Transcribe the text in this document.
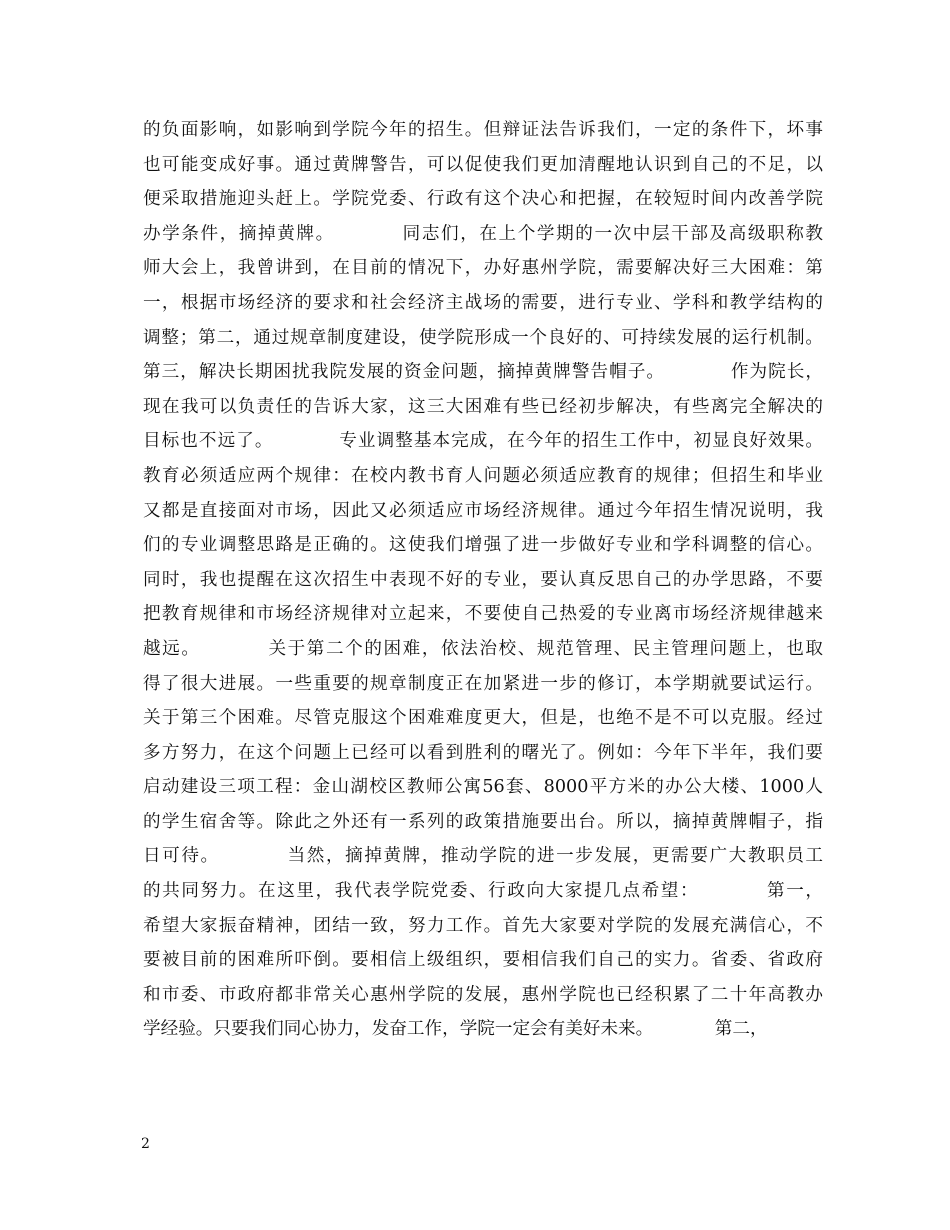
的负面影响，如影响到学院今年的招生。但辩证法告诉我们，一定的条件下，坏事
也可能变成好事。通过黄牌警告，可以促使我们更加清醒地认识到自己的不足，以
便采取措施迎头赶上。学院党委、行政有这个决心和把握，在较短时间内改善学院
办学条件，摘掉黄牌。　　　　同志们，在上个学期的一次中层干部及高级职称教
师大会上，我曾讲到，在目前的情况下，办好惠州学院，需要解决好三大困难：第
一，根据市场经济的要求和社会经济主战场的需要，进行专业、学科和教学结构的
调整；第二，通过规章制度建设，使学院形成一个良好的、可持续发展的运行机制。
第三，解决长期困扰我院发展的资金问题，摘掉黄牌警告帽子。　　　　作为院长，
现在我可以负责任的告诉大家，这三大困难有些已经初步解决，有些离完全解决的
目标也不远了。　　　　专业调整基本完成，在今年的招生工作中，初显良好效果。
教育必须适应两个规律：在校内教书育人问题必须适应教育的规律；但招生和毕业
又都是直接面对市场，因此又必须适应市场经济规律。通过今年招生情况说明，我
们的专业调整思路是正确的。这使我们增强了进一步做好专业和学科调整的信心。
同时，我也提醒在这次招生中表现不好的专业，要认真反思自己的办学思路，不要
把教育规律和市场经济规律对立起来，不要使自己热爱的专业离市场经济规律越来
越远。　　　　关于第二个的困难，依法治校、规范管理、民主管理问题上，也取
得了很大进展。一些重要的规章制度正在加紧进一步的修订，本学期就要试运行。
关于第三个困难。尽管克服这个困难难度更大，但是，也绝不是不可以克服。经过
多方努力，在这个问题上已经可以看到胜利的曙光了。例如：今年下半年，我们要
启动建设三项工程：金山湖校区教师公寓56套、8000平方米的办公大楼、1000人
的学生宿舍等。除此之外还有一系列的政策措施要出台。所以，摘掉黄牌帽子，指
日可待。　　　　当然，摘掉黄牌，推动学院的进一步发展，更需要广大教职员工
的共同努力。在这里，我代表学院党委、行政向大家提几点希望：　　　　第一，
希望大家振奋精神，团结一致，努力工作。首先大家要对学院的发展充满信心，不
要被目前的困难所吓倒。要相信上级组织，要相信我们自己的实力。省委、省政府
和市委、市政府都非常关心惠州学院的发展，惠州学院也已经积累了二十年高教办
学经验。只要我们同心协力，发奋工作，学院一定会有美好未来。　　　　第二，
2
